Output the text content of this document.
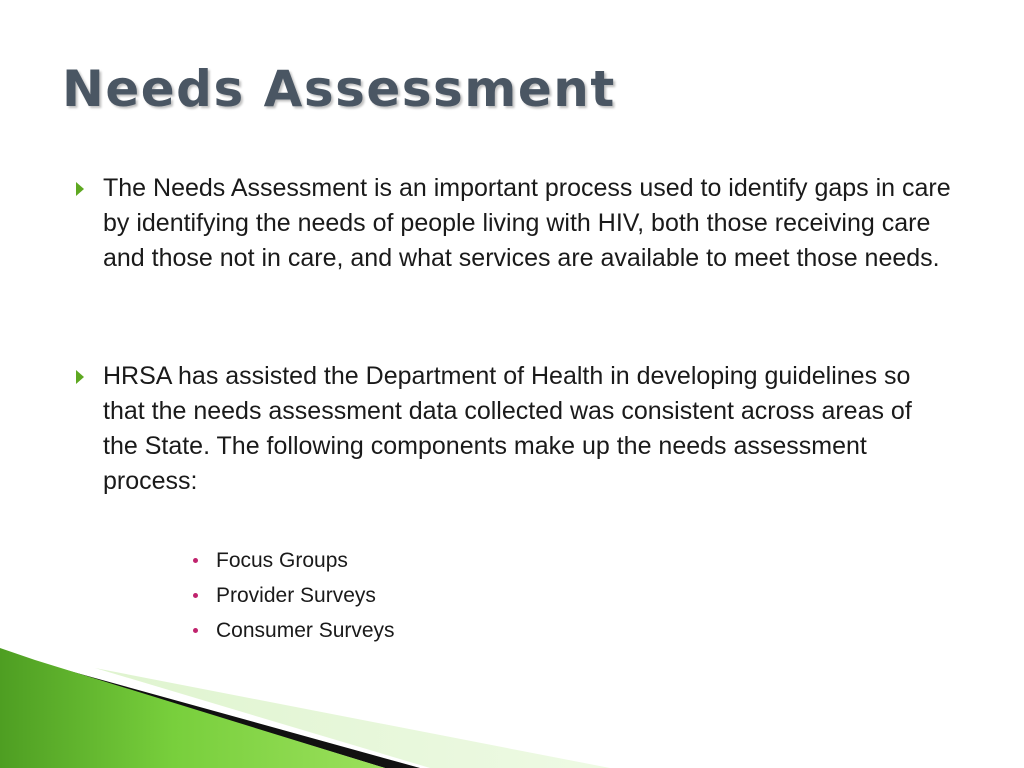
Needs Assessment

The Needs Assessment is an important process used to identify gaps in care by identifying the needs of people living with HIV, both those receiving care and those not in care, and what services are available to meet those needs.

HRSA has assisted the Department of Health in developing guidelines so that the needs assessment data collected was consistent across areas of the State. The following components make up the needs assessment process:

Focus Groups
Provider Surveys
Consumer Surveys
